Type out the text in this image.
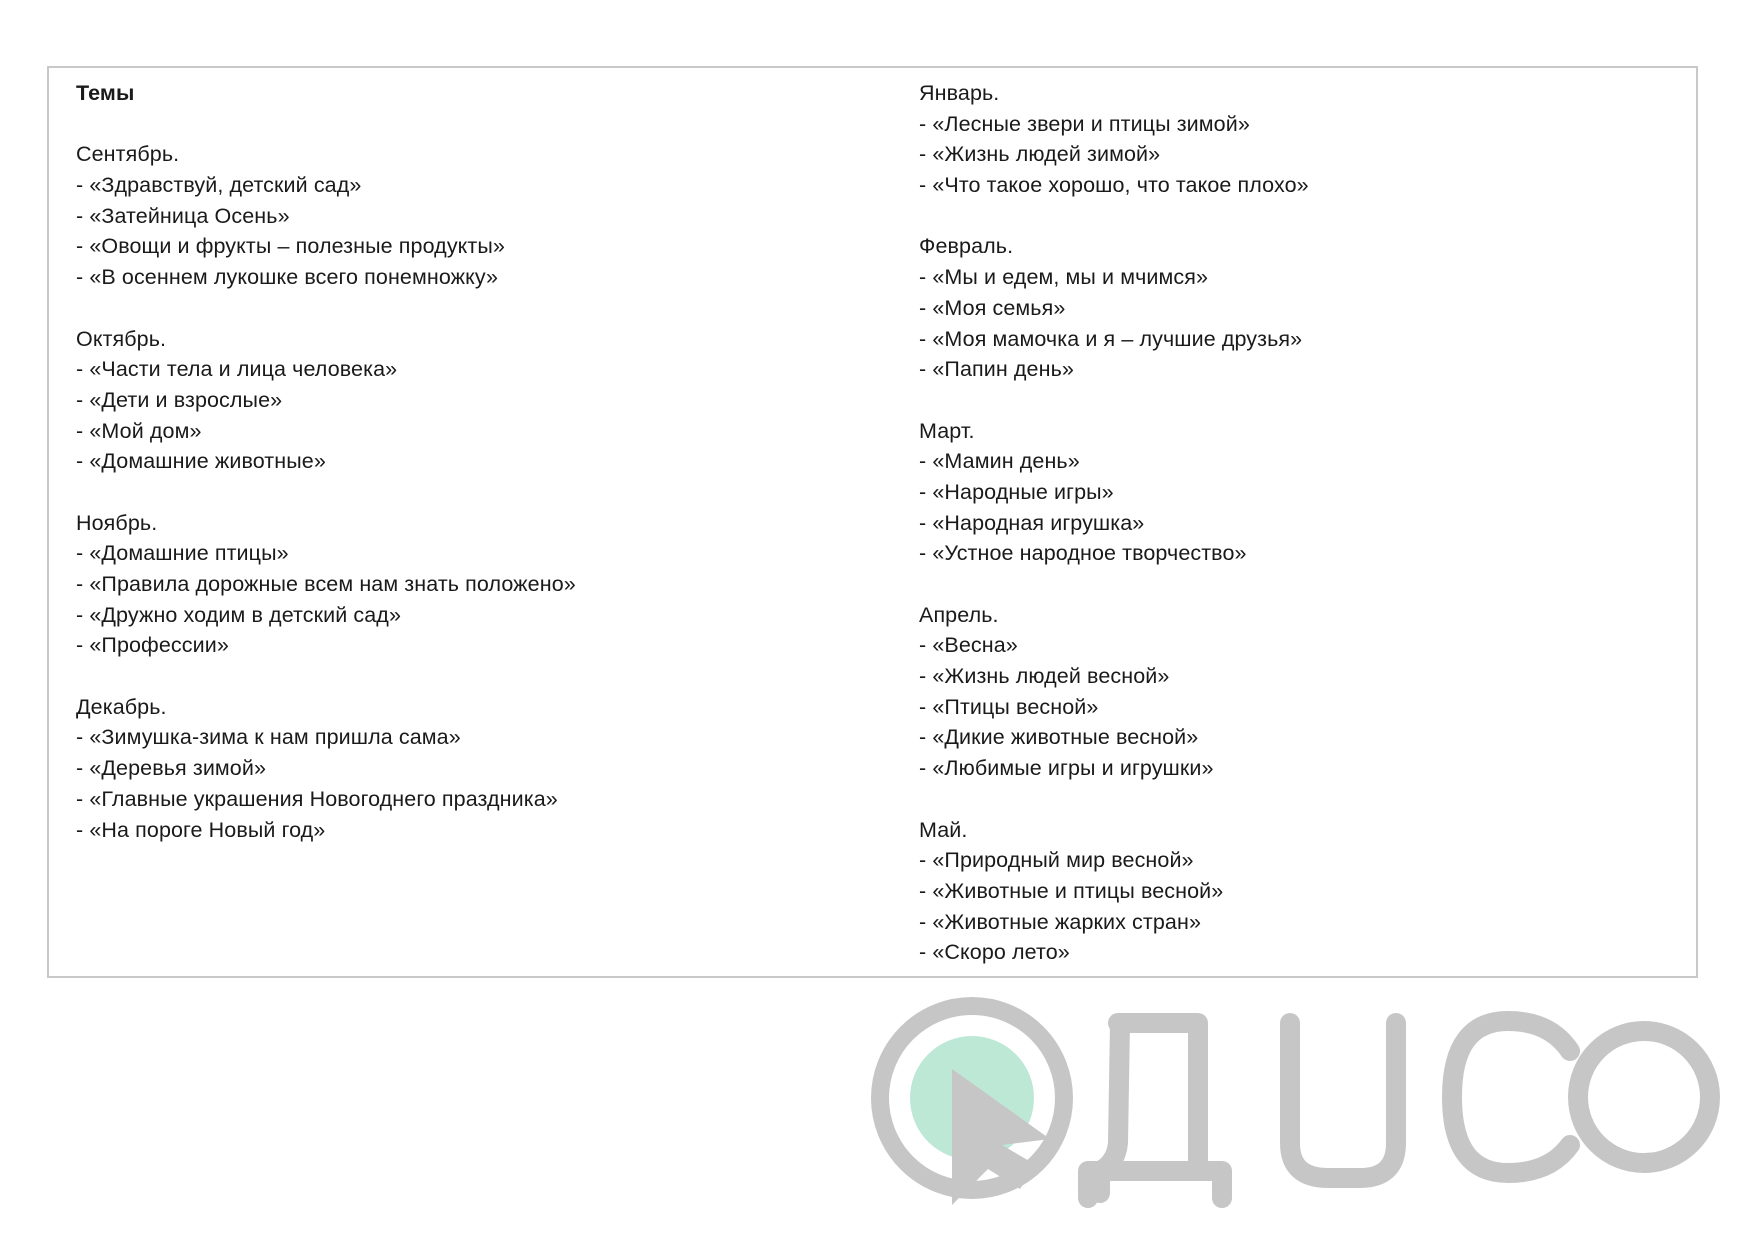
Темы
Сентябрь.
- «Здравствуй, детский сад»
- «Затейница Осень»
- «Овощи и фрукты – полезные продукты»
- «В осеннем лукошке всего понемножку»
Октябрь.
- «Части тела и лица человека»
- «Дети и взрослые»
- «Мой дом»
- «Домашние животные»
Ноябрь.
- «Домашние птицы»
- «Правила дорожные всем нам знать положено»
- «Дружно ходим в детский сад»
- «Профессии»
Декабрь.
- «Зимушка-зима к нам пришла сама»
- «Деревья зимой»
- «Главные украшения Новогоднего праздника»
- «На пороге Новый год»
Январь.
- «Лесные звери и птицы зимой»
- «Жизнь людей зимой»
- «Что такое хорошо, что такое плохо»
Февраль.
- «Мы и едем, мы и мчимся»
- «Моя семья»
- «Моя мамочка и я – лучшие друзья»
- «Папин день»
Март.
- «Мамин день»
- «Народные игры»
- «Народная игрушка»
- «Устное народное творчество»
Апрель.
- «Весна»
- «Жизнь людей весной»
- «Птицы весной»
- «Дикие животные весной»
- «Любимые игры и игрушки»
Май.
- «Природный мир весной»
- «Животные и птицы весной»
- «Животные жарких стран»
- «Скоро лето»
